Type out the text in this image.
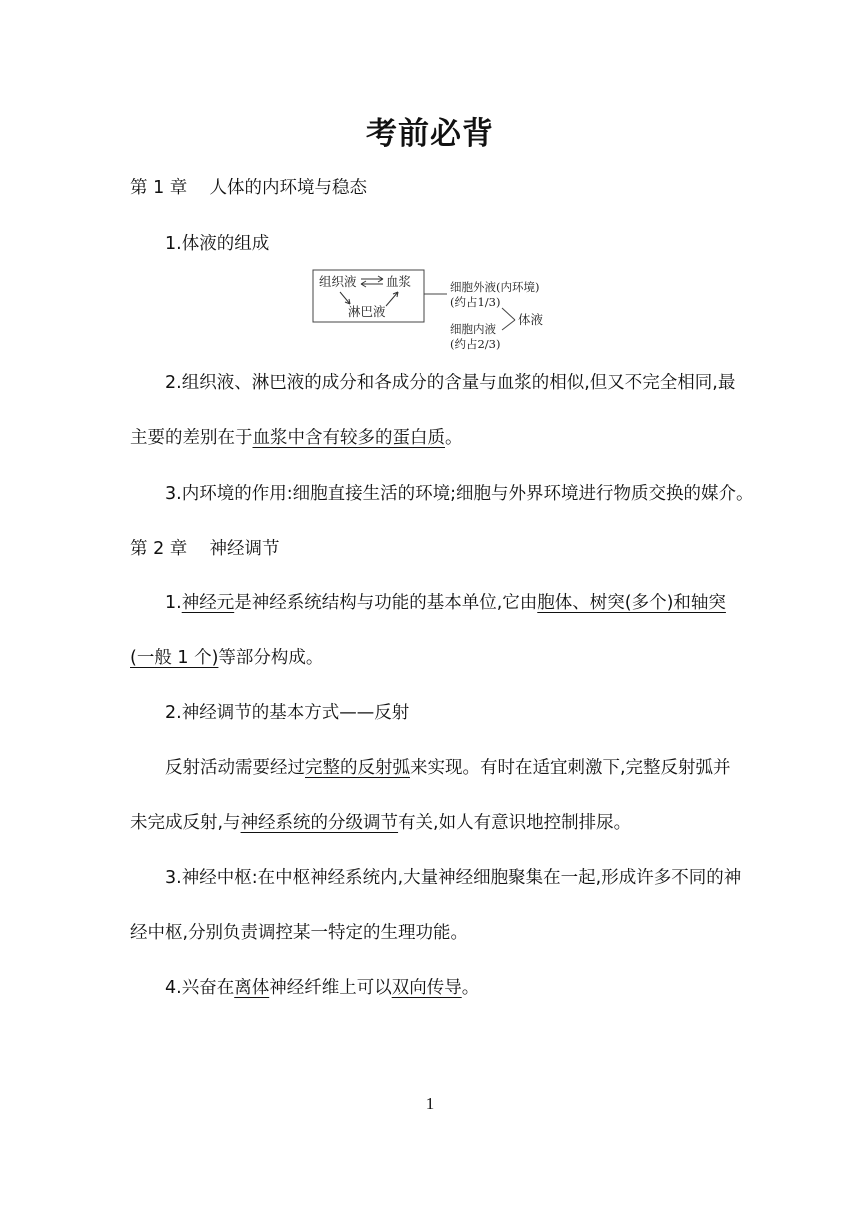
考前必背
第 1 章 人体的内环境与稳态
1.体液的组成
组织液 血浆
淋巴液
细胞外液(内环境)
(约占1/3)
细胞内液
(约占2/3)
体液
2.组织液、淋巴液的成分和各成分的含量与血浆的相似,但又不完全相同,最
主要的差别在于血浆中含有较多的蛋白质。
3.内环境的作用:细胞直接生活的环境;细胞与外界环境进行物质交换的媒介。
第 2 章 神经调节
1.神经元是神经系统结构与功能的基本单位,它由胞体、树突(多个)和轴突
(一般 1 个)等部分构成。
2.神经调节的基本方式——反射
反射活动需要经过完整的反射弧来实现。有时在适宜刺激下,完整反射弧并
未完成反射,与神经系统的分级调节有关,如人有意识地控制排尿。
3.神经中枢:在中枢神经系统内,大量神经细胞聚集在一起,形成许多不同的神
经中枢,分别负责调控某一特定的生理功能。
4.兴奋在离体神经纤维上可以双向传导。
1
